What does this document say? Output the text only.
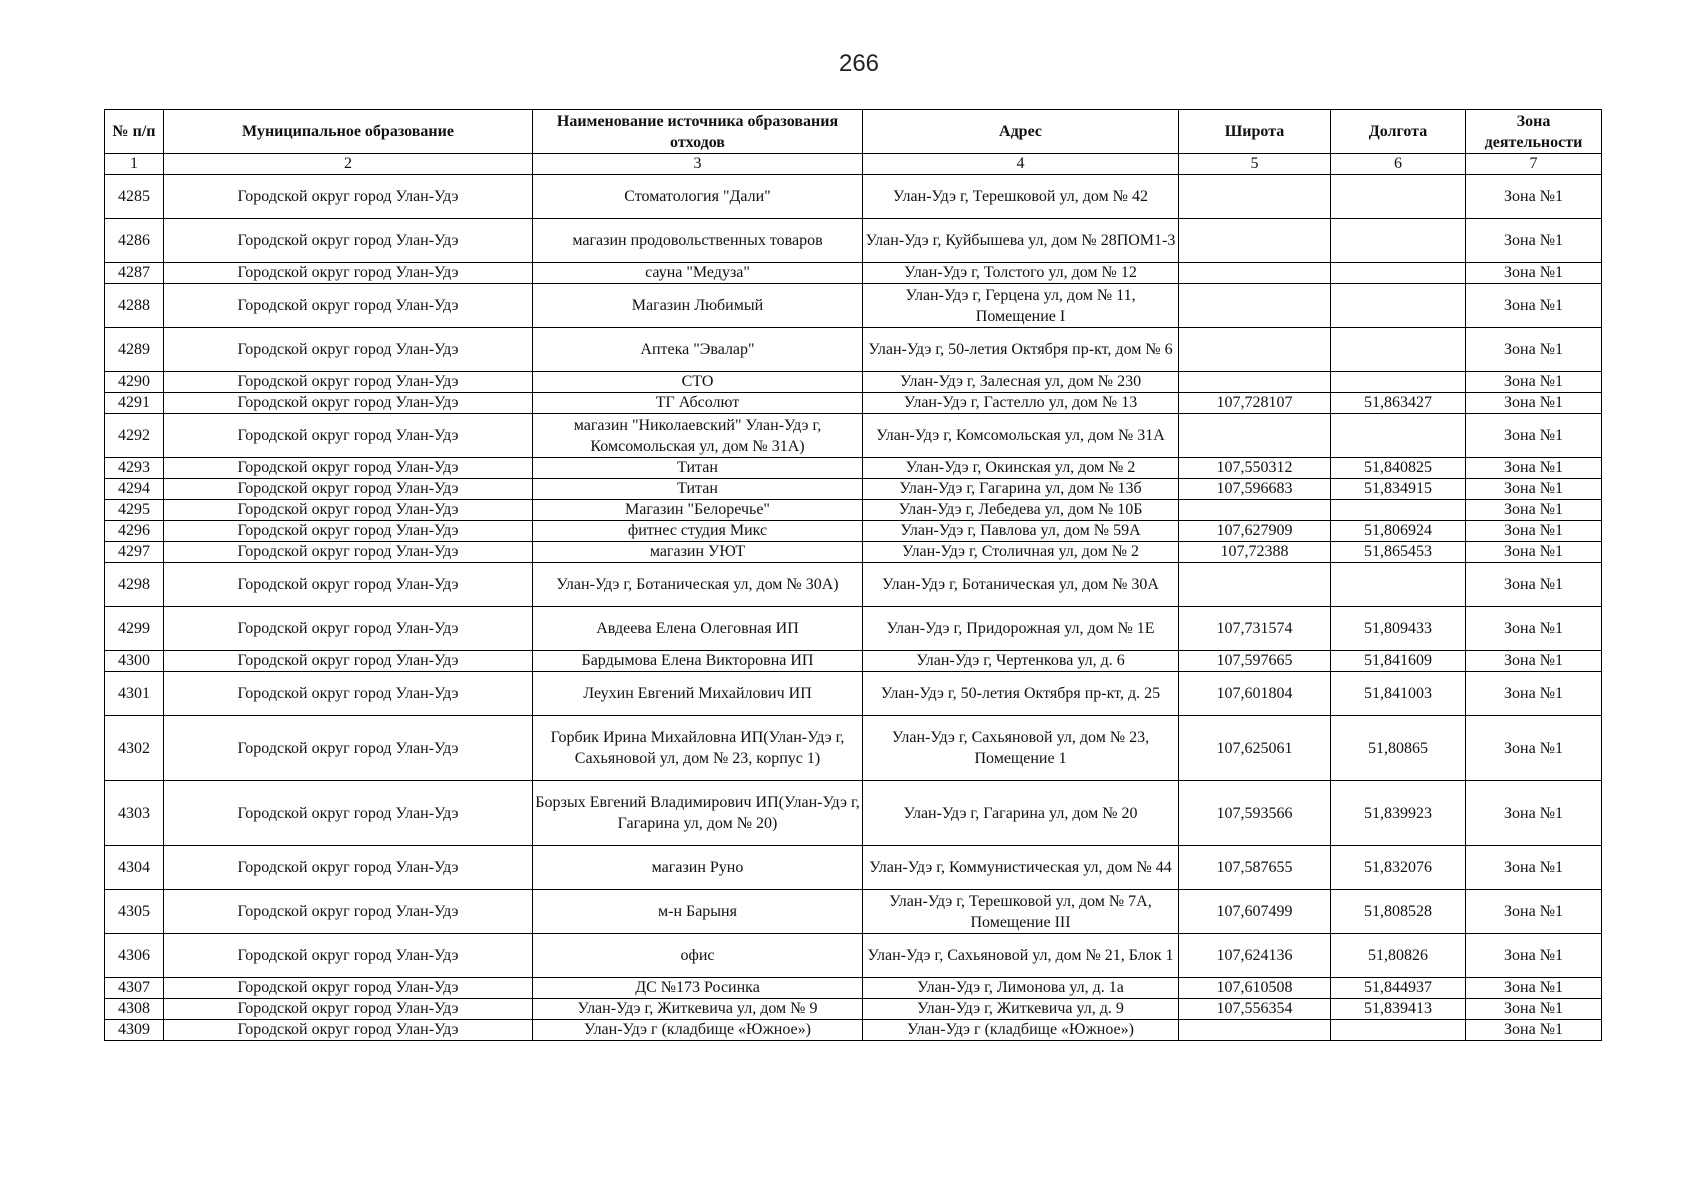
266
№ п/п	Муниципальное образование	Наименование источника образования отходов	Адрес	Широта	Долгота	Зона деятельности
1	2	3	4	5	6	7
4285	Городской округ город Улан-Удэ	Стоматология "Дали"	Улан-Удэ г, Терешковой ул, дом № 42			Зона №1
4286	Городской округ город Улан-Удэ	магазин продовольственных товаров	Улан-Удэ г, Куйбышева ул, дом № 28ПОМ1-3			Зона №1
4287	Городской округ город Улан-Удэ	сауна "Медуза"	Улан-Удэ г, Толстого ул, дом № 12			Зона №1
4288	Городской округ город Улан-Удэ	Магазин Любимый	Улан-Удэ г, Герцена ул, дом № 11, Помещение I			Зона №1
4289	Городской округ город Улан-Удэ	Аптека "Эвалар"	Улан-Удэ г, 50-летия Октября пр-кт, дом № 6			Зона №1
4290	Городской округ город Улан-Удэ	СТО	Улан-Удэ г, Залесная ул, дом № 230			Зона №1
4291	Городской округ город Улан-Удэ	ТГ Абсолют	Улан-Удэ г, Гастелло ул, дом № 13	107,728107	51,863427	Зона №1
4292	Городской округ город Улан-Удэ	магазин "Николаевский" Улан-Удэ г, Комсомольская ул, дом № 31А)	Улан-Удэ г, Комсомольская ул, дом № 31А			Зона №1
4293	Городской округ город Улан-Удэ	Титан	Улан-Удэ г, Окинская ул, дом № 2	107,550312	51,840825	Зона №1
4294	Городской округ город Улан-Удэ	Титан	Улан-Удэ г, Гагарина ул, дом № 13б	107,596683	51,834915	Зона №1
4295	Городской округ город Улан-Удэ	Магазин "Белоречье"	Улан-Удэ г, Лебедева ул, дом № 10Б			Зона №1
4296	Городской округ город Улан-Удэ	фитнес студия Микс	Улан-Удэ г, Павлова ул, дом № 59А	107,627909	51,806924	Зона №1
4297	Городской округ город Улан-Удэ	магазин УЮТ	Улан-Удэ г, Столичная ул, дом № 2	107,72388	51,865453	Зона №1
4298	Городской округ город Улан-Удэ	Улан-Удэ г, Ботаническая ул, дом № 30А)	Улан-Удэ г, Ботаническая ул, дом № 30А			Зона №1
4299	Городской округ город Улан-Удэ	Авдеева Елена Олеговная ИП	Улан-Удэ г, Придорожная ул, дом № 1Е	107,731574	51,809433	Зона №1
4300	Городской округ город Улан-Удэ	Бардымова Елена Викторовна ИП	Улан-Удэ г, Чертенкова ул, д. 6	107,597665	51,841609	Зона №1
4301	Городской округ город Улан-Удэ	Леухин Евгений Михайлович ИП	Улан-Удэ г, 50-летия Октября пр-кт, д. 25	107,601804	51,841003	Зона №1
4302	Городской округ город Улан-Удэ	Горбик Ирина Михайловна ИП(Улан-Удэ г, Сахьяновой ул, дом № 23, корпус 1)	Улан-Удэ г, Сахьяновой ул, дом № 23, Помещение 1	107,625061	51,80865	Зона №1
4303	Городской округ город Улан-Удэ	Борзых Евгений Владимирович ИП(Улан-Удэ г, Гагарина ул, дом № 20)	Улан-Удэ г, Гагарина ул, дом № 20	107,593566	51,839923	Зона №1
4304	Городской округ город Улан-Удэ	магазин Руно	Улан-Удэ г, Коммунистическая ул, дом № 44	107,587655	51,832076	Зона №1
4305	Городской округ город Улан-Удэ	м-н Барыня	Улан-Удэ г, Терешковой ул, дом № 7А, Помещение III	107,607499	51,808528	Зона №1
4306	Городской округ город Улан-Удэ	офис	Улан-Удэ г, Сахьяновой ул, дом № 21, Блок 1	107,624136	51,80826	Зона №1
4307	Городской округ город Улан-Удэ	ДС №173 Росинка	Улан-Удэ г, Лимонова ул, д. 1а	107,610508	51,844937	Зона №1
4308	Городской округ город Улан-Удэ	Улан-Удэ г, Житкевича ул, дом № 9	Улан-Удэ г, Житкевича ул, д. 9	107,556354	51,839413	Зона №1
4309	Городской округ город Улан-Удэ	Улан-Удэ г (кладбище «Южное»)	Улан-Удэ г (кладбище «Южное»)			Зона №1
